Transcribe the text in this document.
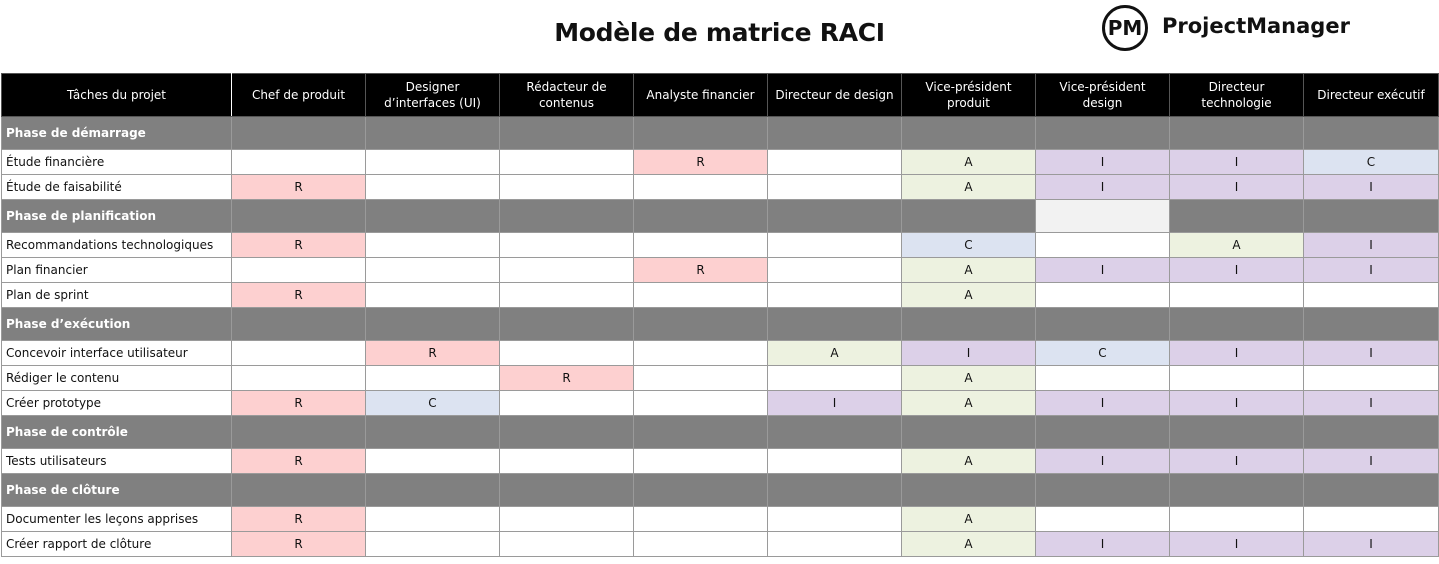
Modèle de matrice RACI	PM ProjectManager
Tâches du projet	Chef de produit	Designer d’interfaces (UI)	Rédacteur de contenus	Analyste financier	Directeur de design	Vice-président produit	Vice-président design	Directeur technologie	Directeur exécutif
Phase de démarrage									
Étude financière				R		A	I	I	C
Étude de faisabilité	R					A	I	I	I
Phase de planification									
Recommandations technologiques	R					C		A	I
Plan financier				R		A	I	I	I
Plan de sprint	R					A			
Phase d’exécution									
Concevoir interface utilisateur		R			A	I	C	I	I
Rédiger le contenu			R			A			
Créer prototype	R	C			I	A	I	I	I
Phase de contrôle									
Tests utilisateurs	R					A	I	I	I
Phase de clôture									
Documenter les leçons apprises	R					A			
Créer rapport de clôture	R					A	I	I	I
